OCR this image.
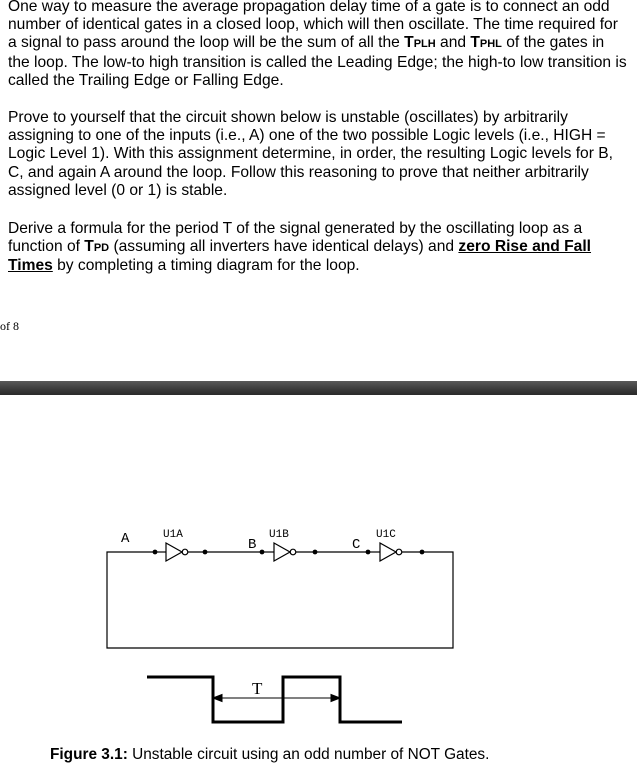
One way to measure the average propagation delay time of a gate is to connect an odd number of identical gates in a closed loop, which will then oscillate. The time required for a signal to pass around the loop will be the sum of all the TPLH and TPHL of the gates in the loop. The low-to high transition is called the Leading Edge; the high-to low transition is called the Trailing Edge or Falling Edge.

Prove to yourself that the circuit shown below is unstable (oscillates) by arbitrarily assigning to one of the inputs (i.e., A) one of the two possible Logic levels (i.e., HIGH = Logic Level 1). With this assignment determine, in order, the resulting Logic levels for B, C, and again A around the loop. Follow this reasoning to prove that neither arbitrarily assigned level (0 or 1) is stable.

Derive a formula for the period T of the signal generated by the oscillating loop as a function of TPD (assuming all inverters have identical delays) and zero Rise and Fall Times by completing a timing diagram for the loop.

of 8
A	B	C
U1A	U1B	U1C
T
Figure 3.1: Unstable circuit using an odd number of NOT Gates.
